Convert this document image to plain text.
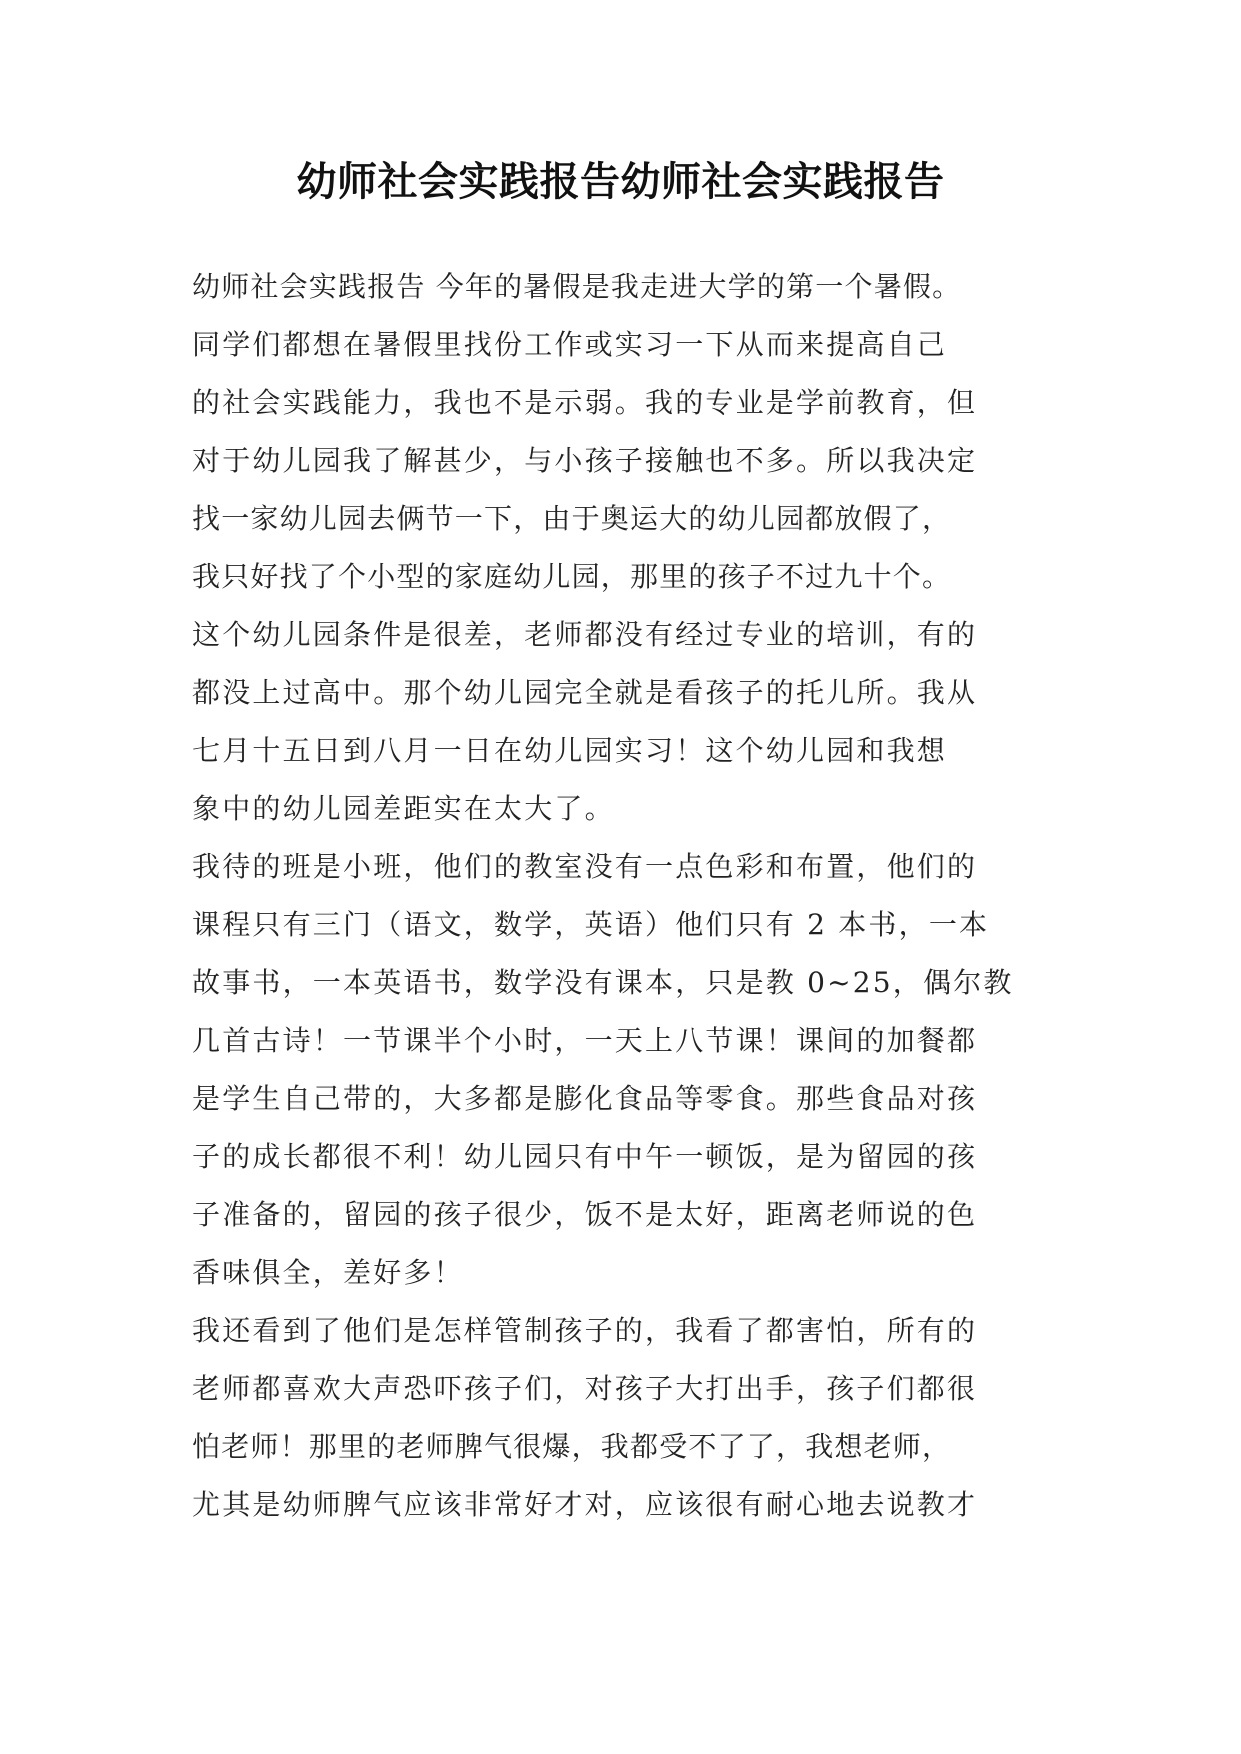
幼师社会实践报告幼师社会实践报告
幼师社会实践报告 今年的暑假是我走进大学的第一个暑假。
同学们都想在暑假里找份工作或实习一下从而来提高自己
的社会实践能力，我也不是示弱。我的专业是学前教育，但
对于幼儿园我了解甚少，与小孩子接触也不多。所以我决定
找一家幼儿园去俩节一下，由于奥运大的幼儿园都放假了，
我只好找了个小型的家庭幼儿园，那里的孩子不过九十个。
这个幼儿园条件是很差，老师都没有经过专业的培训，有的
都没上过高中。那个幼儿园完全就是看孩子的托儿所。我从
七月十五日到八月一日在幼儿园实习！这个幼儿园和我想
象中的幼儿园差距实在太大了。
我待的班是小班，他们的教室没有一点色彩和布置，他们的
课程只有三门（语文，数学，英语）他们只有 2 本书，一本
故事书，一本英语书，数学没有课本，只是教 0~25，偶尔教
几首古诗！一节课半个小时，一天上八节课！课间的加餐都
是学生自己带的，大多都是膨化食品等零食。那些食品对孩
子的成长都很不利！幼儿园只有中午一顿饭，是为留园的孩
子准备的，留园的孩子很少，饭不是太好，距离老师说的色
香味俱全，差好多！
我还看到了他们是怎样管制孩子的，我看了都害怕，所有的
老师都喜欢大声恐吓孩子们，对孩子大打出手，孩子们都很
怕老师！那里的老师脾气很爆，我都受不了了，我想老师，
尤其是幼师脾气应该非常好才对，应该很有耐心地去说教才
